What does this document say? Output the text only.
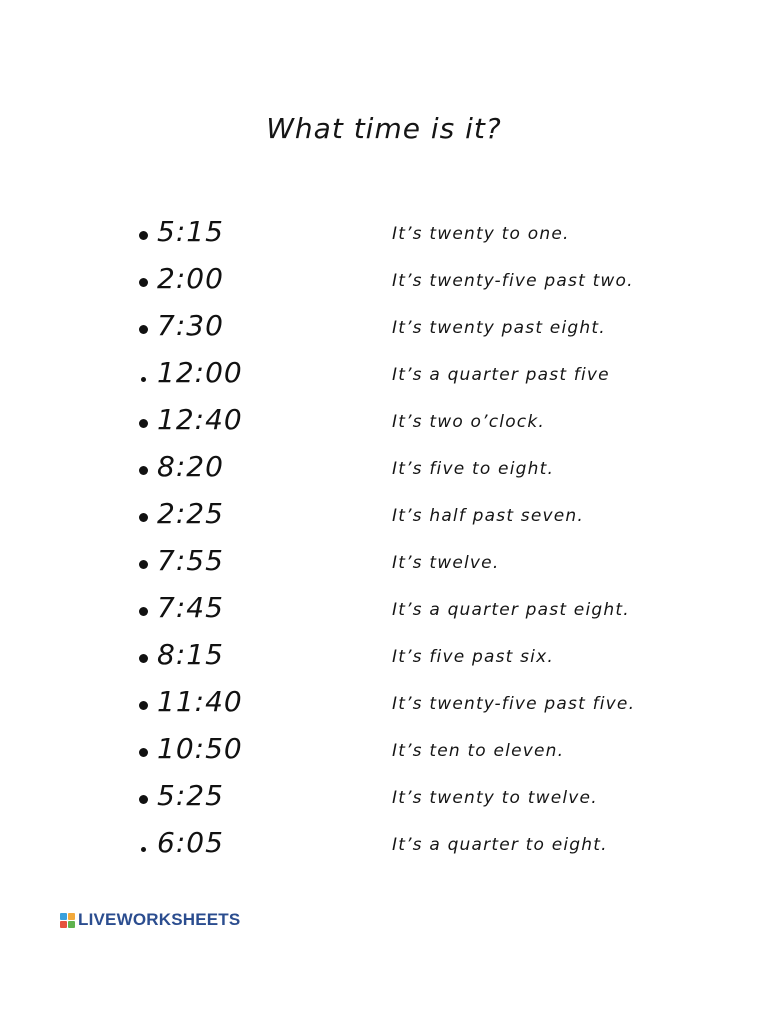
What time is it?
5:15	It’s twenty to one.
2:00	It’s twenty-five past two.
7:30	It’s twenty past eight.
12:00	It’s a quarter past five
12:40	It’s two o’clock.
8:20	It’s five to eight.
2:25	It’s half past seven.
7:55	It’s twelve.
7:45	It’s a quarter past eight.
8:15	It’s five past six.
11:40	It’s twenty-five past five.
10:50	It’s ten to eleven.
5:25	It’s twenty to twelve.
6:05	It’s a quarter to eight.
LIVEWORKSHEETS
